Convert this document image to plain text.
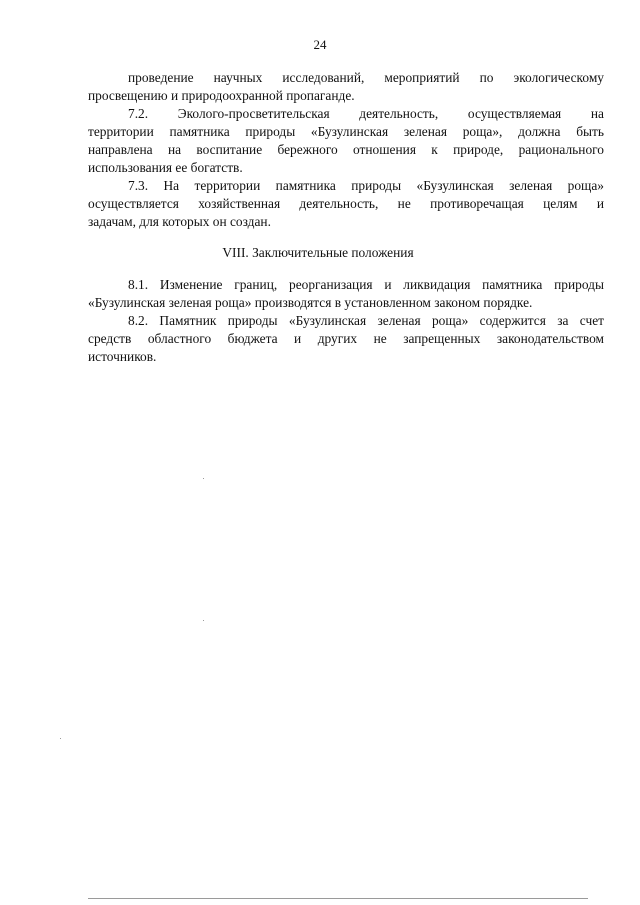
24
проведение научных исследований, мероприятий по экологическому
просвещению и природоохранной пропаганде.
7.2. Эколого-просветительская деятельность, осуществляемая на
территории памятника природы «Бузулинская зеленая роща», должна быть
направлена на воспитание бережного отношения к природе, рационального
использования ее богатств.
7.3. На территории памятника природы «Бузулинская зеленая роща»
осуществляется хозяйственная деятельность, не противоречащая целям и
задачам, для которых он создан.
VIII. Заключительные положения
8.1. Изменение границ, реорганизация и ликвидация памятника природы
«Бузулинская зеленая роща» производятся в установленном законом порядке.
8.2. Памятник природы «Бузулинская зеленая роща» содержится за счет
средств областного бюджета и других не запрещенных законодательством
источников.
